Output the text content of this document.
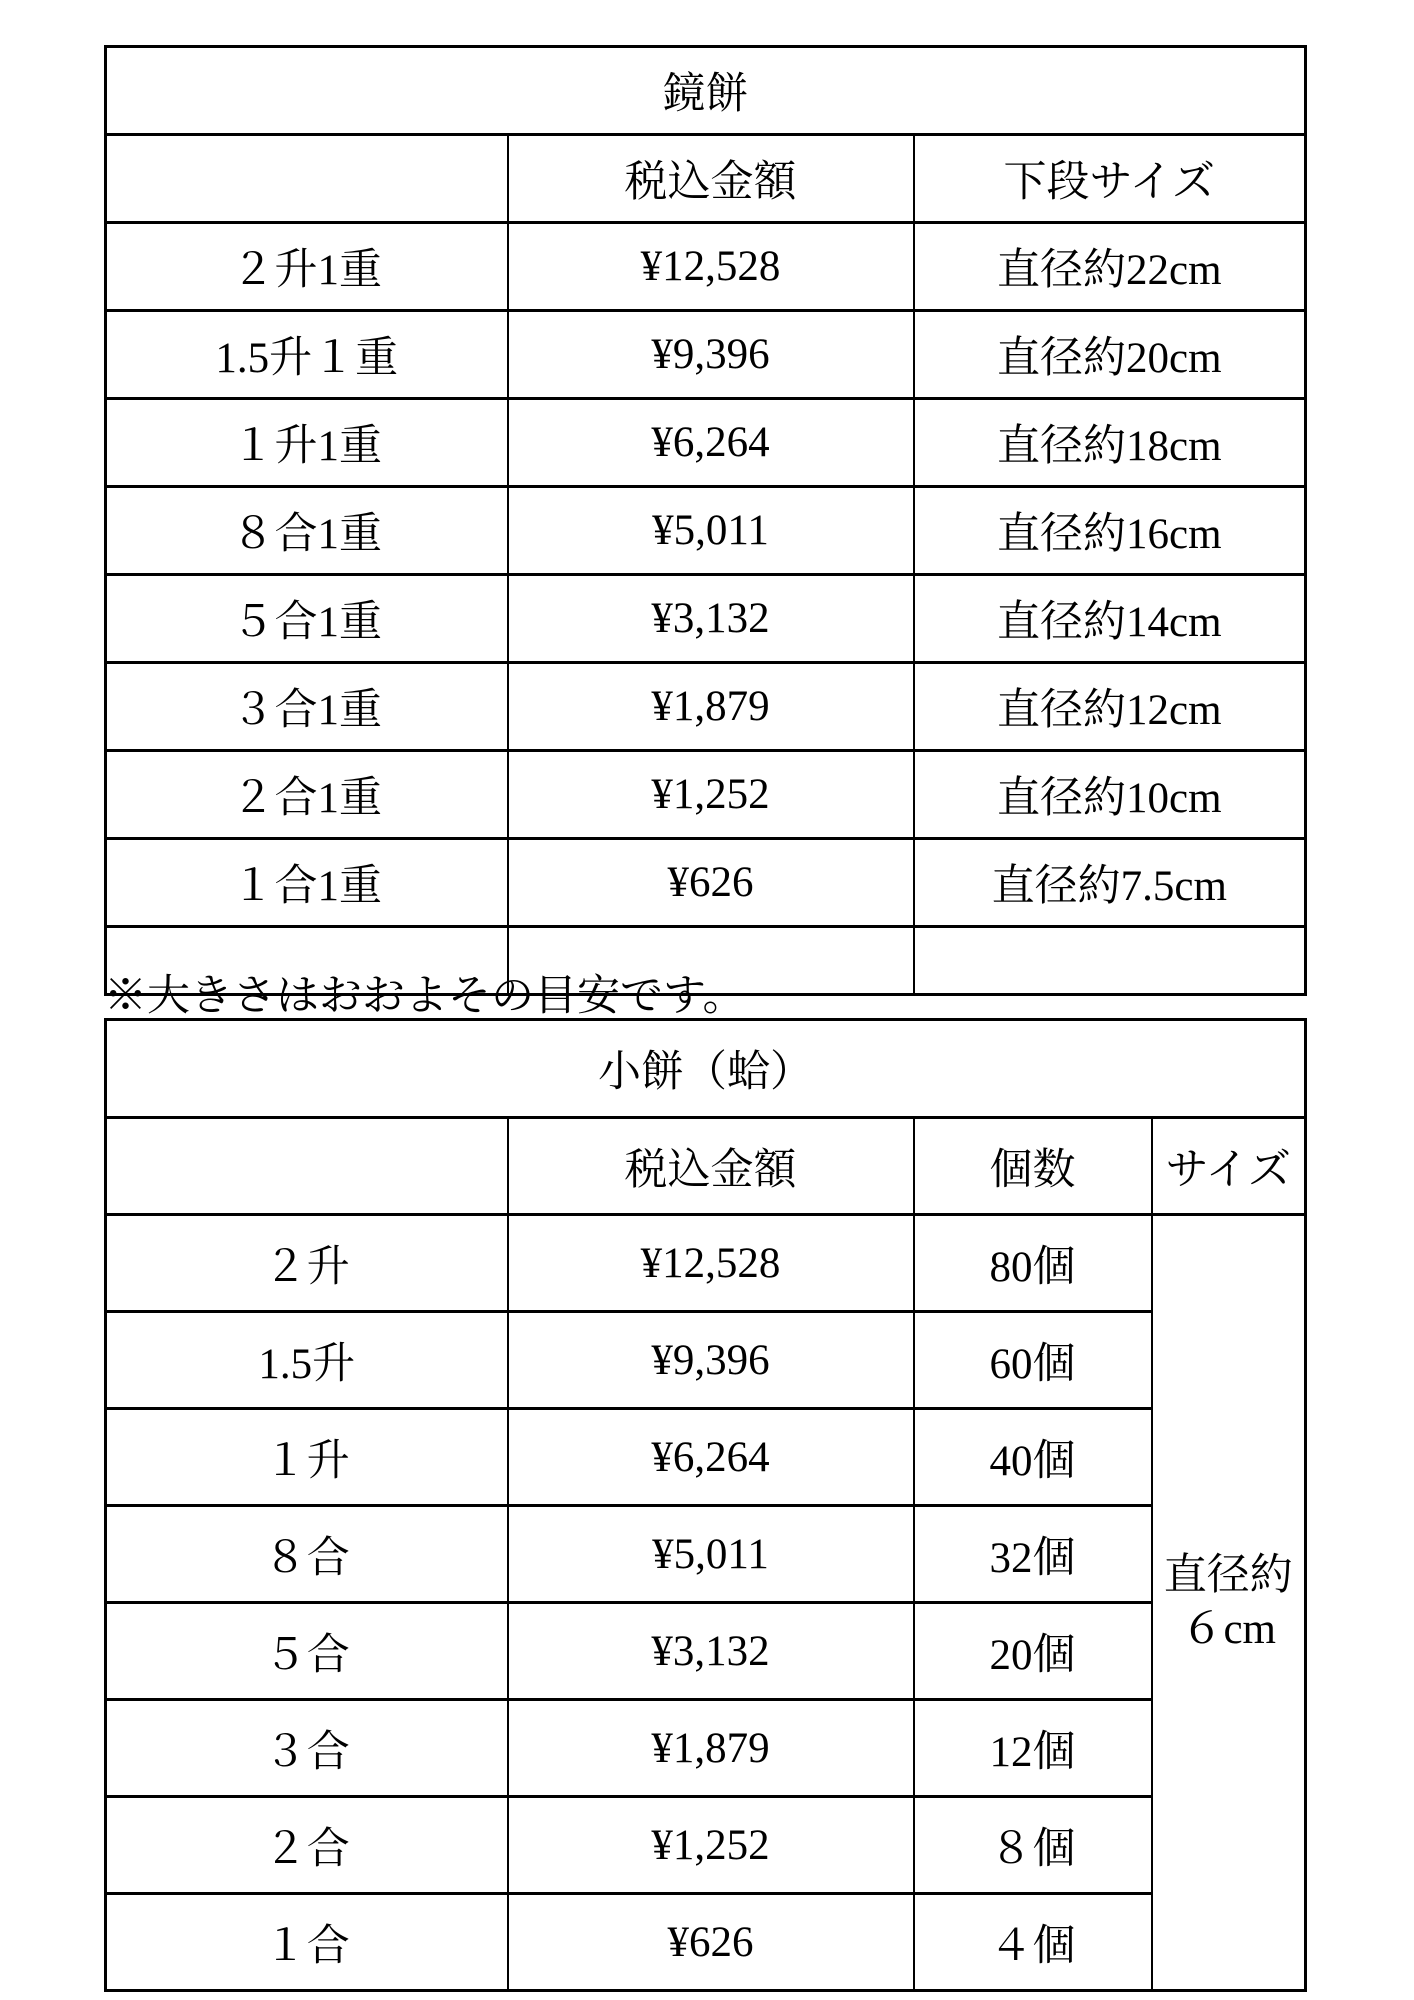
鏡餅		
	税込金額	下段サイズ
２升1重	¥12,528	直径約22cm
1.5升１重	¥9,396	直径約20cm
１升1重	¥6,264	直径約18cm
８合1重	¥5,011	直径約16cm
５合1重	¥3,132	直径約14cm
３合1重	¥1,879	直径約12cm
２合1重	¥1,252	直径約10cm
１合1重	¥626	直径約7.5cm

※大きさはおおよその目安です。
小餅（蛤）			
	税込金額	個数	サイズ
２升	¥12,528	80個	直径約
６cm

1.5升	¥9,396	60個	
１升	¥6,264	40個	
８合	¥5,011	32個	
５合	¥3,132	20個	
３合	¥1,879	12個	
２合	¥1,252	８個	
１合	¥626	４個	
